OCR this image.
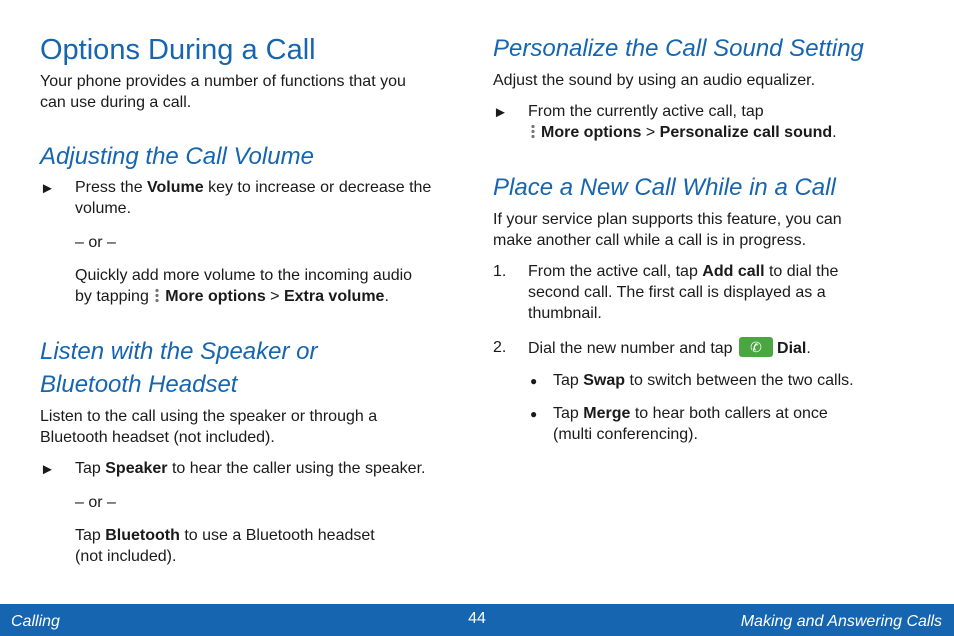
Options During a Call

Your phone provides a number of functions that you
can use during a call.

Adjusting the Call Volume
► Press the Volume key to increase or decrease the
volume.

– or –

Quickly add more volume to the incoming audio
by tapping More options > Extra volume.

Listen with the Speaker or
Bluetooth Headset

Listen to the call using the speaker or through a
Bluetooth headset (not included).

► Tap Speaker to hear the caller using the speaker.

– or –

Tap Bluetooth to use a Bluetooth headset
(not included).

Personalize the Call Sound Setting

Adjust the sound by using an audio equalizer.

► From the currently active call, tap
More options > Personalize call sound.

Place a New Call While in a Call

If your service plan supports this feature, you can
make another call while a call is in progress.

1. From the active call, tap Add call to dial the
second call. The first call is displayed as a
thumbnail.

2. Dial the new number and tap ✆ Dial.

● Tap Swap to switch between the two calls.

● Tap Merge to hear both callers at once
(multi conferencing).

Calling	44	Making and Answering Calls
